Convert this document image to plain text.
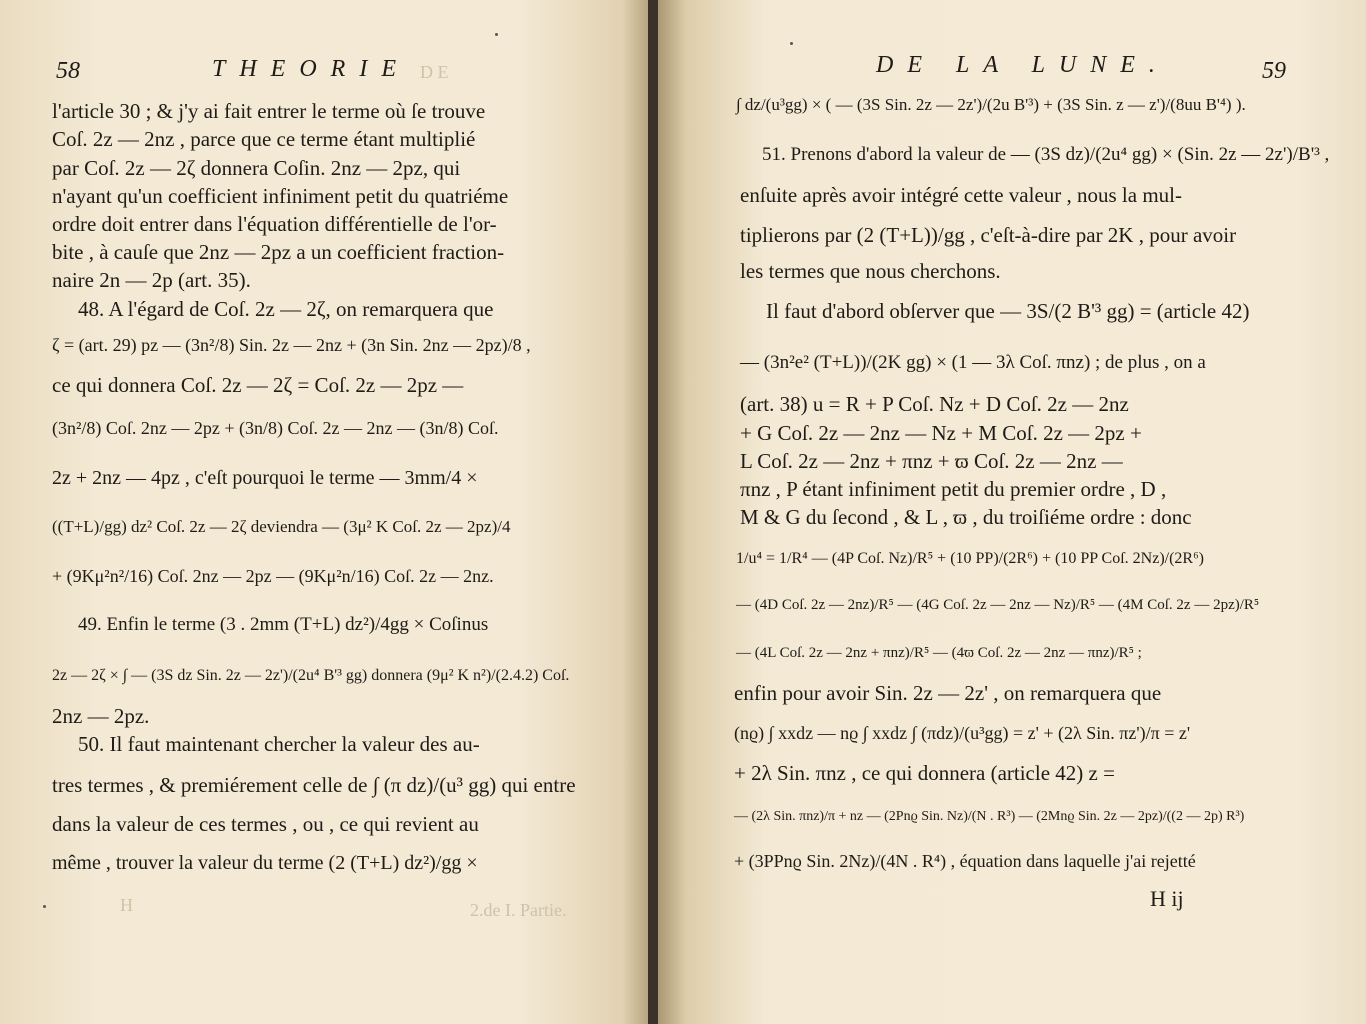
58	THEORIE D E
l'article 30 ; & j'y ai fait entrer le terme où ſe trouve
Coſ. 2z — 2nz , parce que ce terme étant multiplié
par Coſ. 2z — 2ζ donnera Coſin. 2nz — 2pz, qui
n'ayant qu'un coefficient infiniment petit du quatriéme
ordre doit entrer dans l'équation différentielle de l'or-
bite , à cauſe que 2nz — 2pz a un coefficient fraction-
naire 2n — 2p (art. 35).
48. A l'égard de Coſ. 2z — 2ζ, on remarquera que
ζ = (art. 29) pz — (3n²/8) Sin. 2z — 2nz + (3n Sin. 2nz — 2pz)/8 ,
ce qui donnera Coſ. 2z — 2ζ = Coſ. 2z — 2pz —
(3n²/8) Coſ. 2nz — 2pz + (3n/8) Coſ. 2z — 2nz — (3n/8) Coſ.
2z + 2nz — 4pz , c'eſt pourquoi le terme — 3mm/4 ×
((T+L)/gg) dz² Coſ. 2z — 2ζ deviendra — (3μ² K Coſ. 2z — 2pz)/4
+ (9Kμ²n²/16) Coſ. 2nz — 2pz — (9Kμ²n/16) Coſ. 2z — 2nz.
49. Enfin le terme (3 . 2mm (T+L) dz²)/4gg × Coſinus
2z — 2ζ × ∫ — (3S dz Sin. 2z — 2z')/(2u⁴ B'³ gg) donnera (9μ² K n²)/(2.4.2) Coſ.
2nz — 2pz.
50. Il faut maintenant chercher la valeur des au-
tres termes , & premiérement celle de ∫ (π dz)/(u³ gg) qui entre
dans la valeur de ces termes , ou , ce qui revient au
même , trouver la valeur du terme (2 (T+L) dz²)/gg ×
H	2.de I. Partie.
DE LA LUNE.	59
∫ dz/(u³gg) × ( — (3S Sin. 2z — 2z')/(2u B'³) + (3S Sin. z — z')/(8uu B'⁴) ).
51. Prenons d'abord la valeur de — (3S dz)/(2u⁴ gg) × (Sin. 2z — 2z')/B'³ ,
enſuite après avoir intégré cette valeur , nous la mul-
tiplierons par (2 (T+L))/gg , c'eſt-à-dire par 2K , pour avoir
les termes que nous cherchons.
Il faut d'abord obſerver que — 3S/(2 B'³ gg) = (article 42)
— (3n²e² (T+L))/(2K gg) × (1 — 3λ Coſ. πnz) ; de plus , on a
(art. 38) u = R + P Coſ. Nz + D Coſ. 2z — 2nz
+ G Coſ. 2z — 2nz — Nz + M Coſ. 2z — 2pz +
L Coſ. 2z — 2nz + πnz + ϖ Coſ. 2z — 2nz —
πnz , P étant infiniment petit du premier ordre , D ,
M & G du ſecond , & L , ϖ , du troiſiéme ordre : donc
1/u⁴ = 1/R⁴ — (4P Coſ. Nz)/R⁵ + (10 PP)/(2R⁶) + (10 PP Coſ. 2Nz)/(2R⁶)
— (4D Coſ. 2z — 2nz)/R⁵ — (4G Coſ. 2z — 2nz — Nz)/R⁵ — (4M Coſ. 2z — 2pz)/R⁵
— (4L Coſ. 2z — 2nz + πnz)/R⁵ — (4ϖ Coſ. 2z — 2nz — πnz)/R⁵ ;
enfin pour avoir Sin. 2z — 2z' , on remarquera que
(nϱ) ∫ xxdz — nϱ ∫ xxdz ∫ (πdz)/(u³gg) = z' + (2λ Sin. πz')/π = z'
+ 2λ Sin. πnz , ce qui donnera (article 42) z =
— (2λ Sin. πnz)/π + nz — (2Pnϱ Sin. Nz)/(N . R³) — (2Mnϱ Sin. 2z — 2pz)/((2 — 2p) R³)
+ (3PPnϱ Sin. 2Nz)/(4N . R⁴) , équation dans laquelle j'ai rejetté
H ij
